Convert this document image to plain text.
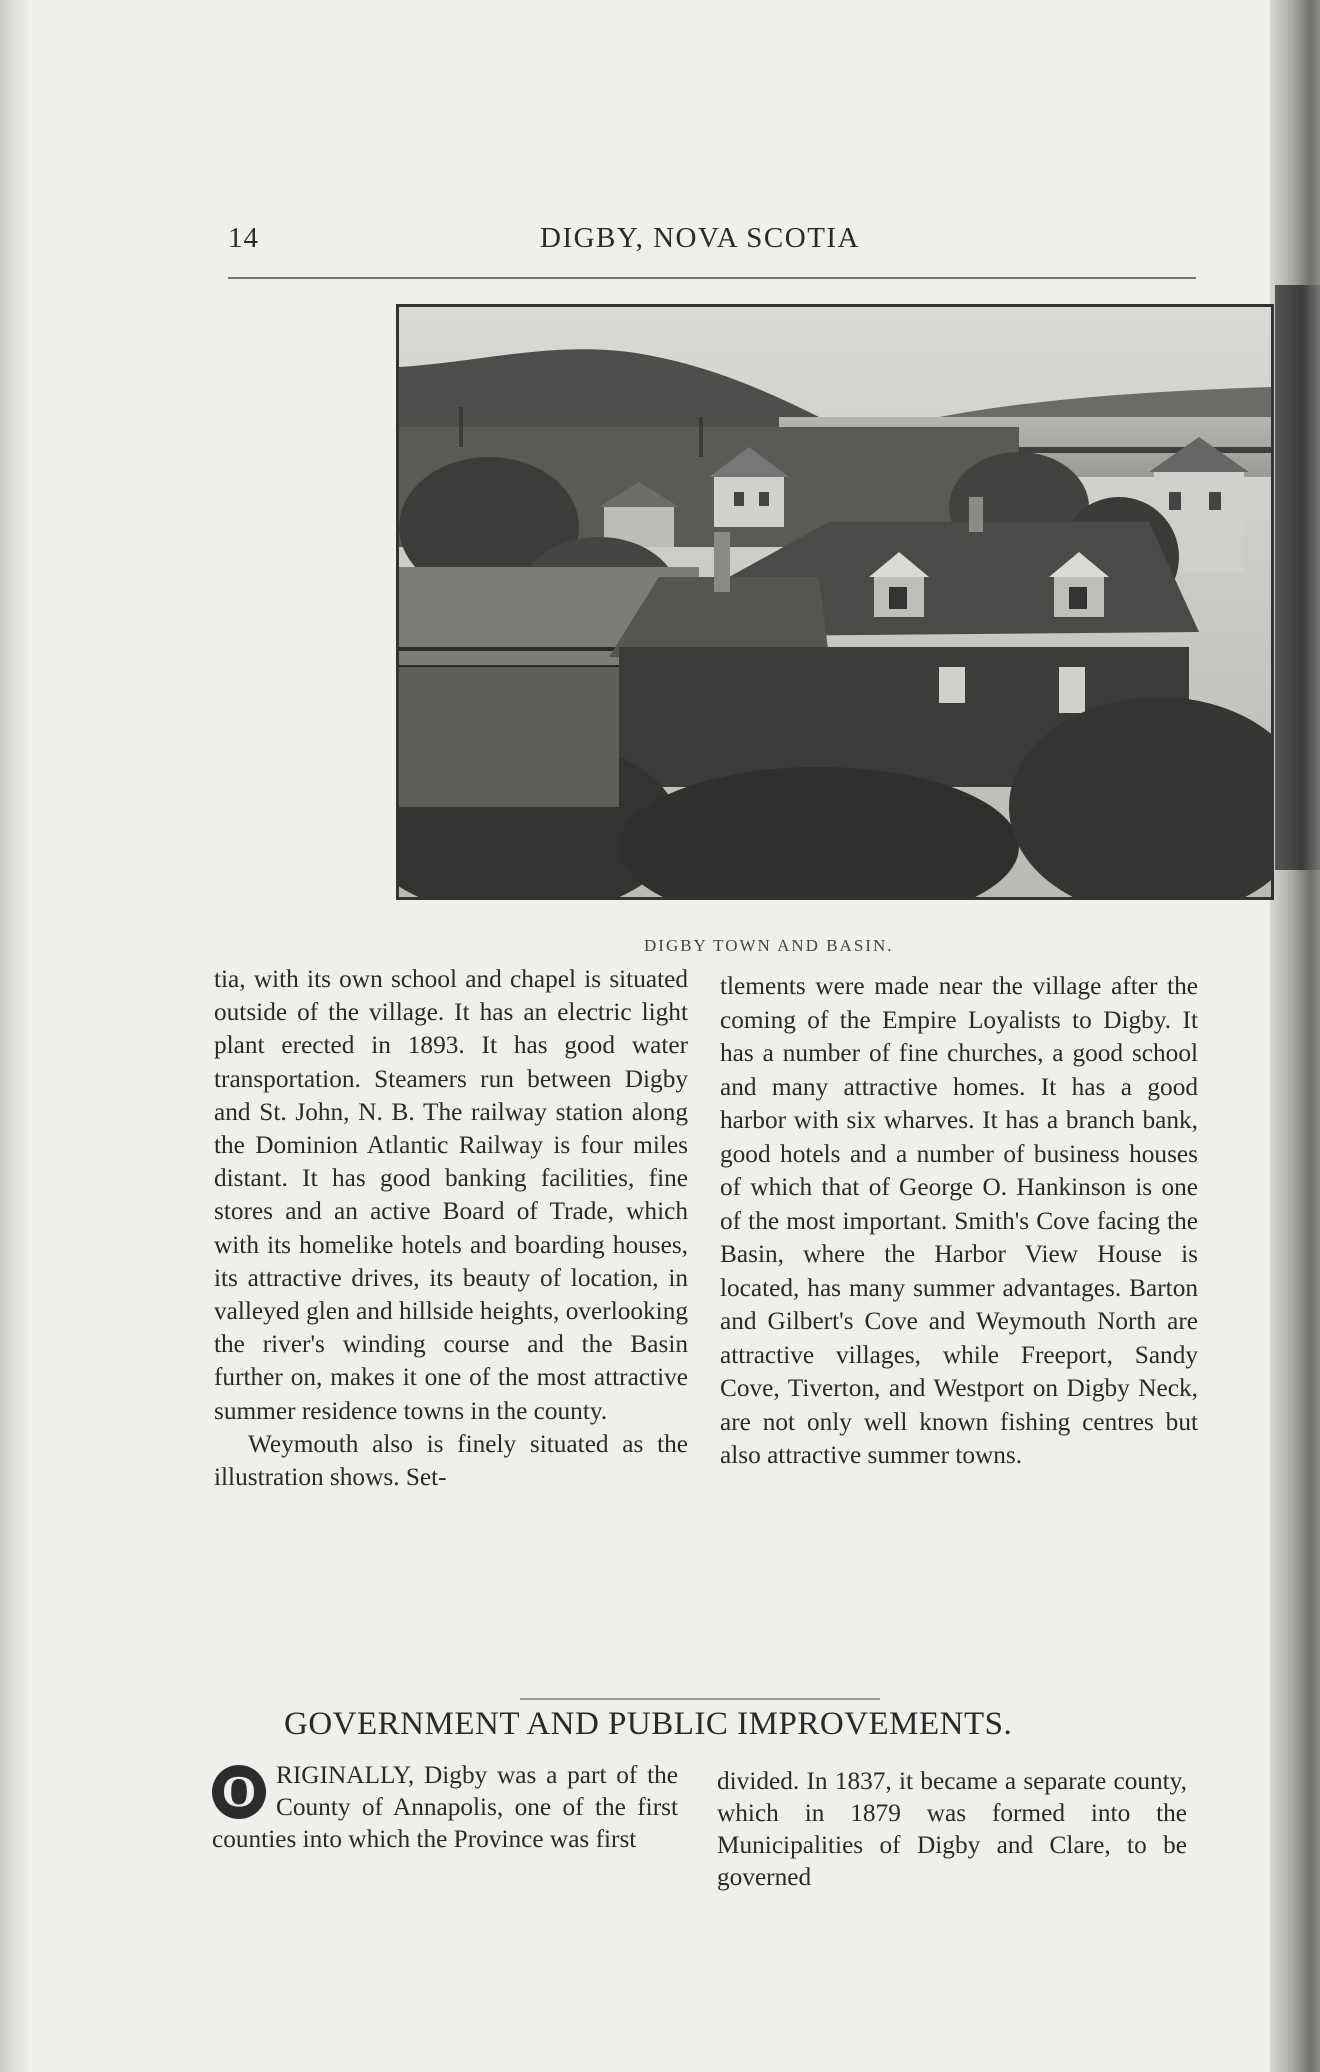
14	DIGBY, NOVA SCOTIA
DIGBY TOWN AND BASIN.

tia, with its own school and chapel is situated outside of the village. It has an electric light plant erected in 1893. It has good water transportation. Steamers run between Digby and St. John, N. B. The railway station along the Dominion Atlantic Railway is four miles distant. It has good banking facilities, fine stores and an active Board of Trade, which with its homelike hotels and boarding houses, its attractive drives, its beauty of location, in valleyed glen and hillside heights, overlooking the river's winding course and the Basin further on, makes it one of the most attractive summer residence towns in the county.

Weymouth also is finely situated as the illustration shows. Set-

tlements were made near the village after the coming of the Empire Loyalists to Digby. It has a number of fine churches, a good school and many attractive homes. It has a good harbor with six wharves. It has a branch bank, good hotels and a number of business houses of which that of George O. Hankinson is one of the most important. Smith's Cove facing the Basin, where the Harbor View House is located, has many summer advantages. Barton and Gilbert's Cove and Weymouth North are attractive villages, while Freeport, Sandy Cove, Tiverton, and Westport on Digby Neck, are not only well known fishing centres but also attractive summer towns.

GOVERNMENT AND PUBLIC IMPROVEMENTS.
O RIGINALLY, Digby was a part of the County of Annapolis, one of the first counties into which the Province was first
divided. In 1837, it became a separate county, which in 1879 was formed into the Municipalities of Digby and Clare, to be governed
